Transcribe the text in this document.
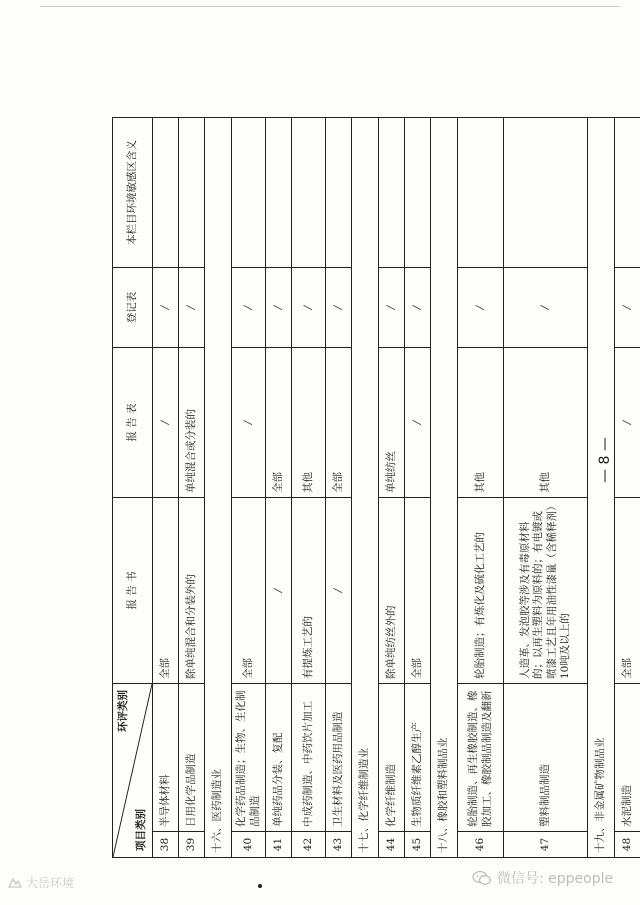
环评类别
项目类别		报 告 书	报 告 表	登记表	本栏目环境敏感区含义
38	半导体材料	全部	/	/	
39	日用化学品制造	除单纯混合和分装外的	单纯混合或分装的	/	
十六、医药制造业					
40	化学药品制造；生物、生化制品制造	全部	/	/	
41	单纯药品分装、复配	/	全部	/	
42	中成药制造、中药饮片加工	有提炼工艺的	其他	/	
43	卫生材料及医药用品制造	/	全部	/	
十七、化学纤维制造业					
44	化学纤维制造	除单纯纺丝外的	单纯纺丝	/	
45	生物质纤维素乙醇生产	全部	/	/	
十八、橡胶和塑料制品业					
46	轮胎制造、再生橡胶制造、橡胶加工、橡胶制品制造及翻新	轮胎制造；有炼化及硫化工艺的	其他	/	
47	塑料制品制造	人造革、发泡胶等涉及有毒原材料的；以再生塑料为原料的；有电镀或喷漆工艺且年用油性漆量（含稀释剂）10吨及以上的	其他	/	
十九、非金属矿物制品业					
48	水泥制造	全部	/	/	
— 8 —
大岳环境	微信号: eppeople
